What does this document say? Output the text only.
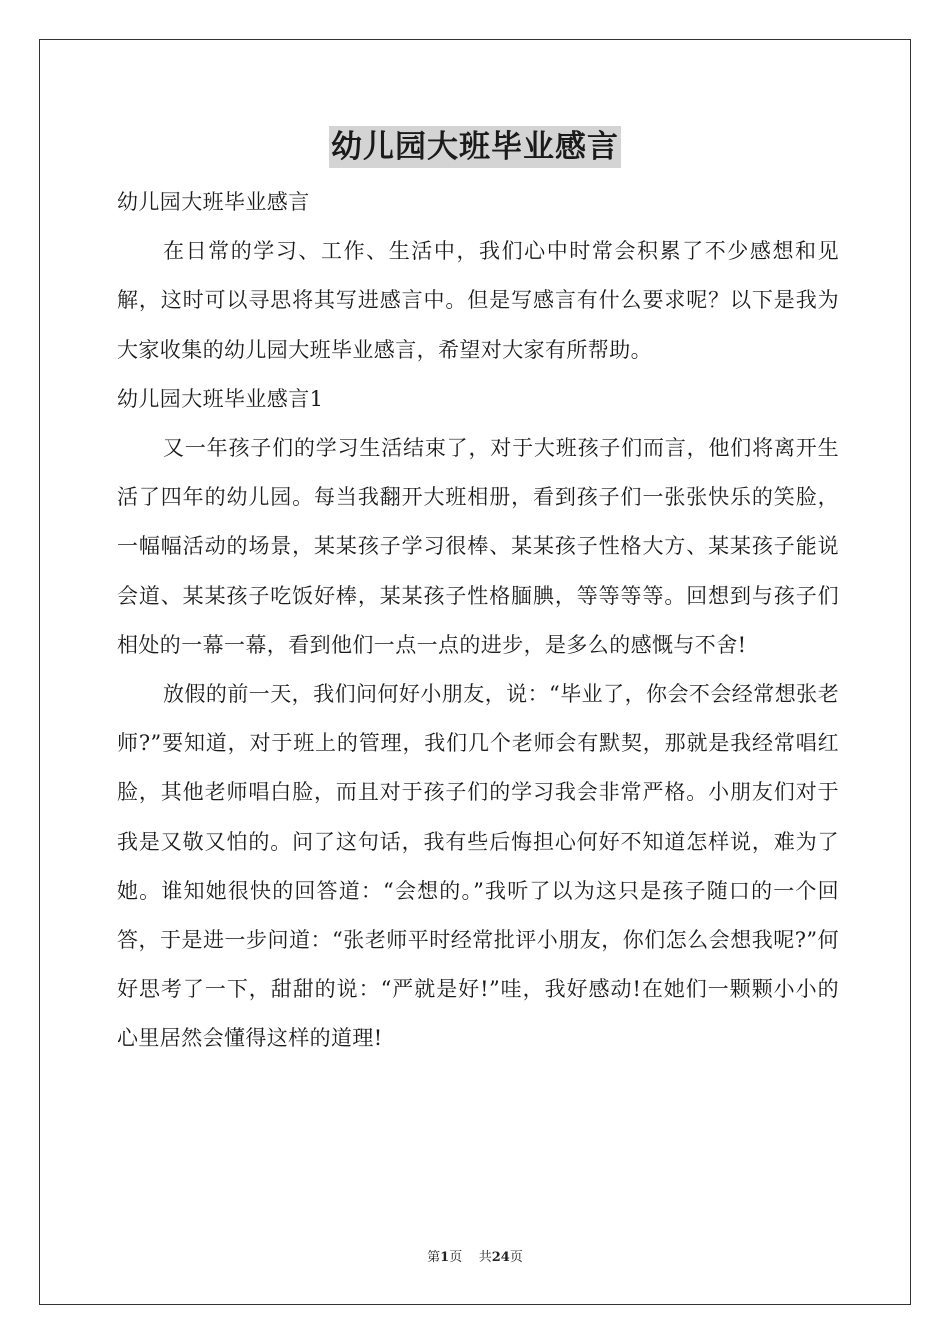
幼儿园大班毕业感言

幼儿园大班毕业感言

在日常的学习、工作、生活中，我们心中时常会积累了不少感想和见解，这时可以寻思将其写进感言中。但是写感言有什么要求呢？以下是我为大家收集的幼儿园大班毕业感言，希望对大家有所帮助。

幼儿园大班毕业感言1

又一年孩子们的学习生活结束了，对于大班孩子们而言，他们将离开生活了四年的幼儿园。每当我翻开大班相册，看到孩子们一张张快乐的笑脸，一幅幅活动的场景，某某孩子学习很棒、某某孩子性格大方、某某孩子能说会道、某某孩子吃饭好棒，某某孩子性格腼腆，等等等等。回想到与孩子们相处的一幕一幕，看到他们一点一点的进步，是多么的感慨与不舍!

放假的前一天，我们问何好小朋友，说：“毕业了，你会不会经常想张老师?”要知道，对于班上的管理，我们几个老师会有默契，那就是我经常唱红脸，其他老师唱白脸，而且对于孩子们的学习我会非常严格。小朋友们对于我是又敬又怕的。问了这句话，我有些后悔担心何好不知道怎样说，难为了她。谁知她很快的回答道：“会想的。”我听了以为这只是孩子随口的一个回答，于是进一步问道：“张老师平时经常批评小朋友，你们怎么会想我呢?”何好思考了一下，甜甜的说：“严就是好!”哇，我好感动!在她们一颗颗小小的心里居然会懂得这样的道理!

第1页 共24页
